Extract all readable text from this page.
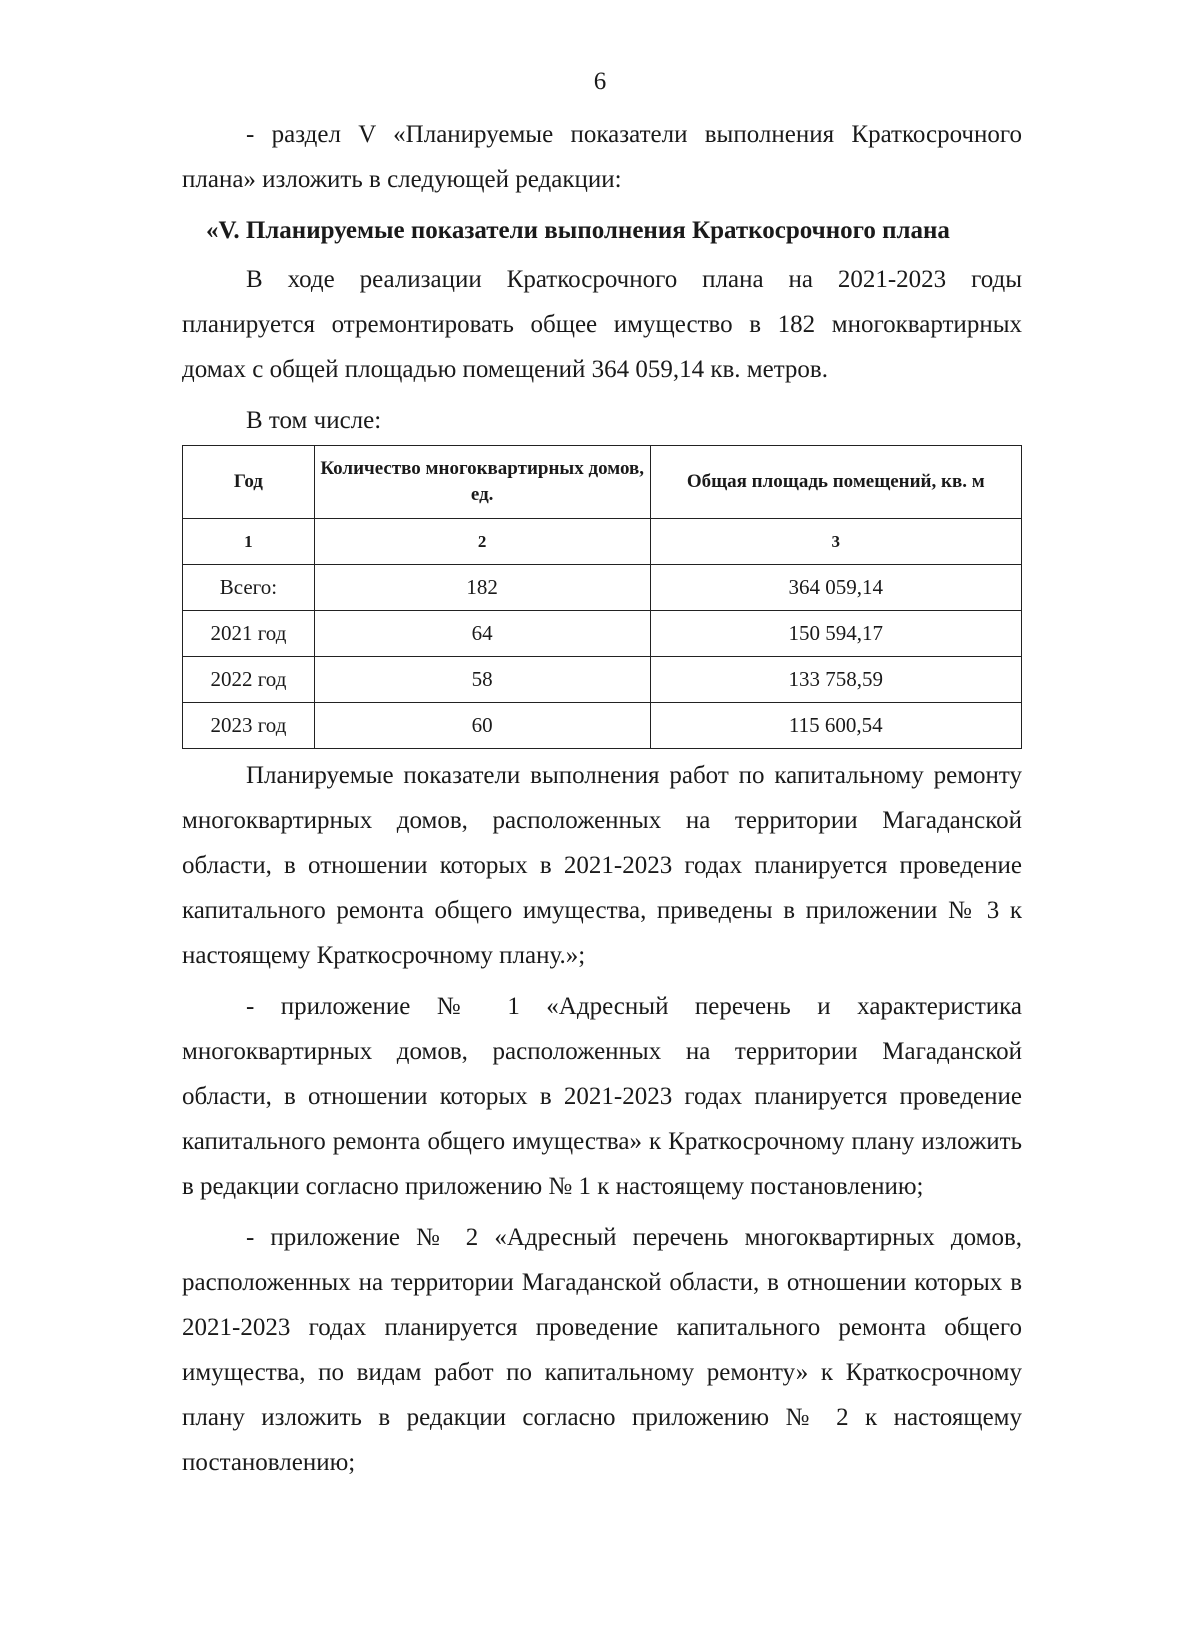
6

- раздел V «Планируемые показатели выполнения Краткосрочного плана» изложить в следующей редакции:

«V. Планируемые показатели выполнения Краткосрочного плана

В ходе реализации Краткосрочного плана на 2021-2023 годы планируется отремонтировать общее имущество в 182 многоквартирных домах с общей площадью помещений 364 059,14 кв. метров.

В том числе:

Год	Количество многоквартирных домов, ед.	Общая площадь помещений, кв. м
1	2	3
Всего:	182	364 059,14
2021 год	64	150 594,17
2022 год	58	133 758,59
2023 год	60	115 600,54

Планируемые показатели выполнения работ по капитальному ремонту многоквартирных домов, расположенных на территории Магаданской области, в отношении которых в 2021-2023 годах планируется проведение капитального ремонта общего имущества, приведены в приложении № 3 к настоящему Краткосрочному плану.»;

- приложение № 1 «Адресный перечень и характеристика многоквартирных домов, расположенных на территории Магаданской области, в отношении которых в 2021-2023 годах планируется проведение капитального ремонта общего имущества» к Краткосрочному плану изложить в редакции согласно приложению № 1 к настоящему постановлению;

- приложение № 2 «Адресный перечень многоквартирных домов, расположенных на территории Магаданской области, в отношении которых в 2021-2023 годах планируется проведение капитального ремонта общего имущества, по видам работ по капитальному ремонту» к Краткосрочному плану изложить в редакции согласно приложению № 2 к настоящему постановлению;
